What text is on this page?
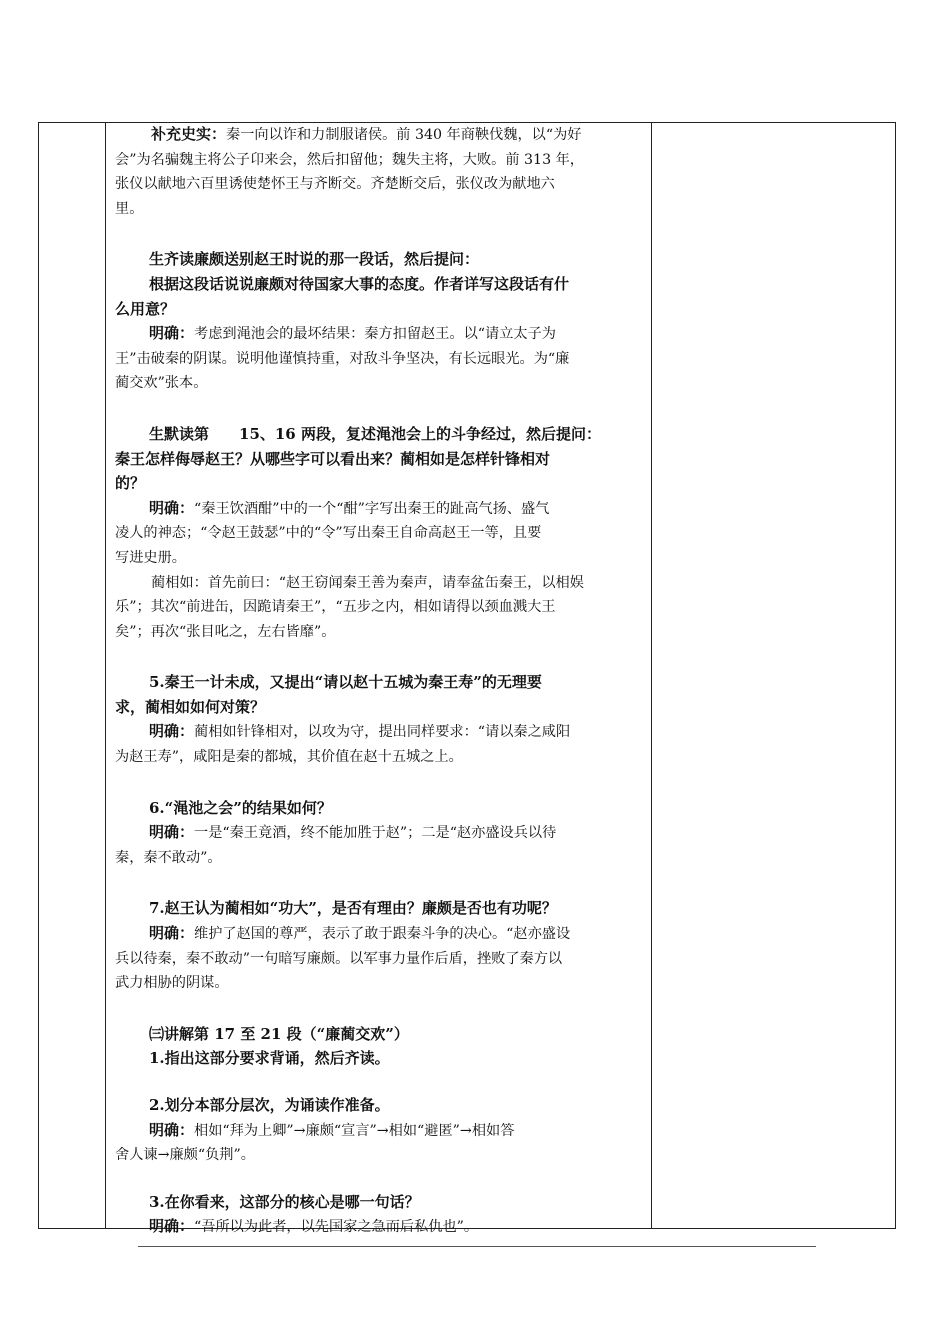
补充史实：秦一向以诈和力制服诸侯。前 340 年商鞅伐魏，以“为好

会”为名骗魏主将公子卬来会，然后扣留他；魏失主将，大败。前 313 年，

张仪以献地六百里诱使楚怀王与齐断交。齐楚断交后，张仪改为献地六

里。

生齐读廉颇送别赵王时说的那一段话，然后提问：

根据这段话说说廉颇对待国家大事的态度。作者详写这段话有什

么用意？

明确：考虑到渑池会的最坏结果：秦方扣留赵王。以“请立太子为

王”击破秦的阴谋。说明他谨慎持重，对敌斗争坚决，有长远眼光。为“廉

蔺交欢”张本。

生默读第　　15、16 两段，复述渑池会上的斗争经过，然后提问：

秦王怎样侮辱赵王？从哪些字可以看出来？蔺相如是怎样针锋相对

的？

明确：“秦王饮酒酣”中的一个“酣”字写出秦王的趾高气扬、盛气

凌人的神态；“令赵王鼓瑟”中的“令”写出秦王自命高赵王一等，且要

写进史册。

蔺相如：首先前曰：“赵王窃闻秦王善为秦声，请奉盆缶秦王，以相娱

乐”；其次“前进缶，因跪请秦王”，“五步之内，相如请得以颈血溅大王

矣”；再次“张目叱之，左右皆靡”。

5.秦王一计未成，又提出“请以赵十五城为秦王寿”的无理要

求，蔺相如如何对策？

明确：蔺相如针锋相对，以攻为守，提出同样要求：“请以秦之咸阳

为赵王寿”，咸阳是秦的都城，其价值在赵十五城之上。

6.“渑池之会”的结果如何？

明确：一是“秦王竟酒，终不能加胜于赵”；二是“赵亦盛设兵以待

秦，秦不敢动”。

7.赵王认为蔺相如“功大”，是否有理由？廉颇是否也有功呢？

明确：维护了赵国的尊严，表示了敢于跟秦斗争的决心。“赵亦盛设

兵以待秦，秦不敢动”一句暗写廉颇。以军事力量作后盾，挫败了秦方以

武力相胁的阴谋。

㈢讲解第 17 至 21 段（“廉蔺交欢”）

1.指出这部分要求背诵，然后齐读。

2.划分本部分层次，为诵读作准备。

明确：相如“拜为上卿”→廉颇“宣言”→相如“避匿”→相如答

舍人谏→廉颇“负荆”。

3.在你看来，这部分的核心是哪一句话？

明确：“吾所以为此者，以先国家之急而后私仇也”。
